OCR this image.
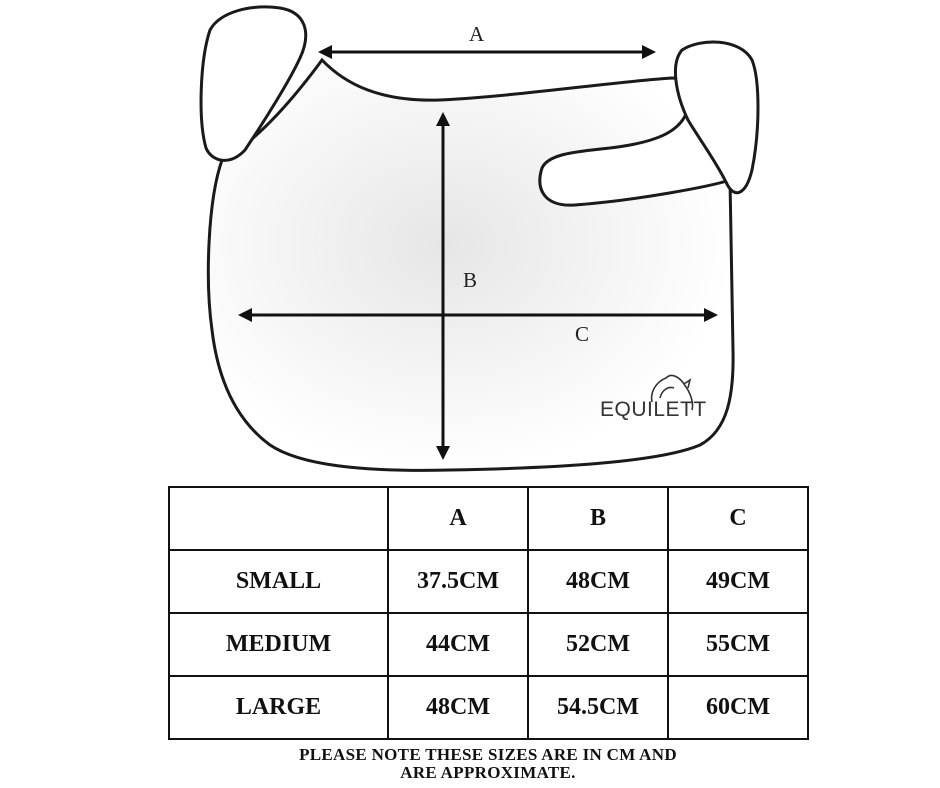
A
B
C
EQUILETT
	A	B	C
SMALL	37.5CM	48CM	49CM
MEDIUM	44CM	52CM	55CM
LARGE	48CM	54.5CM	60CM
PLEASE NOTE THESE SIZES ARE IN CM AND
ARE APPROXIMATE.
